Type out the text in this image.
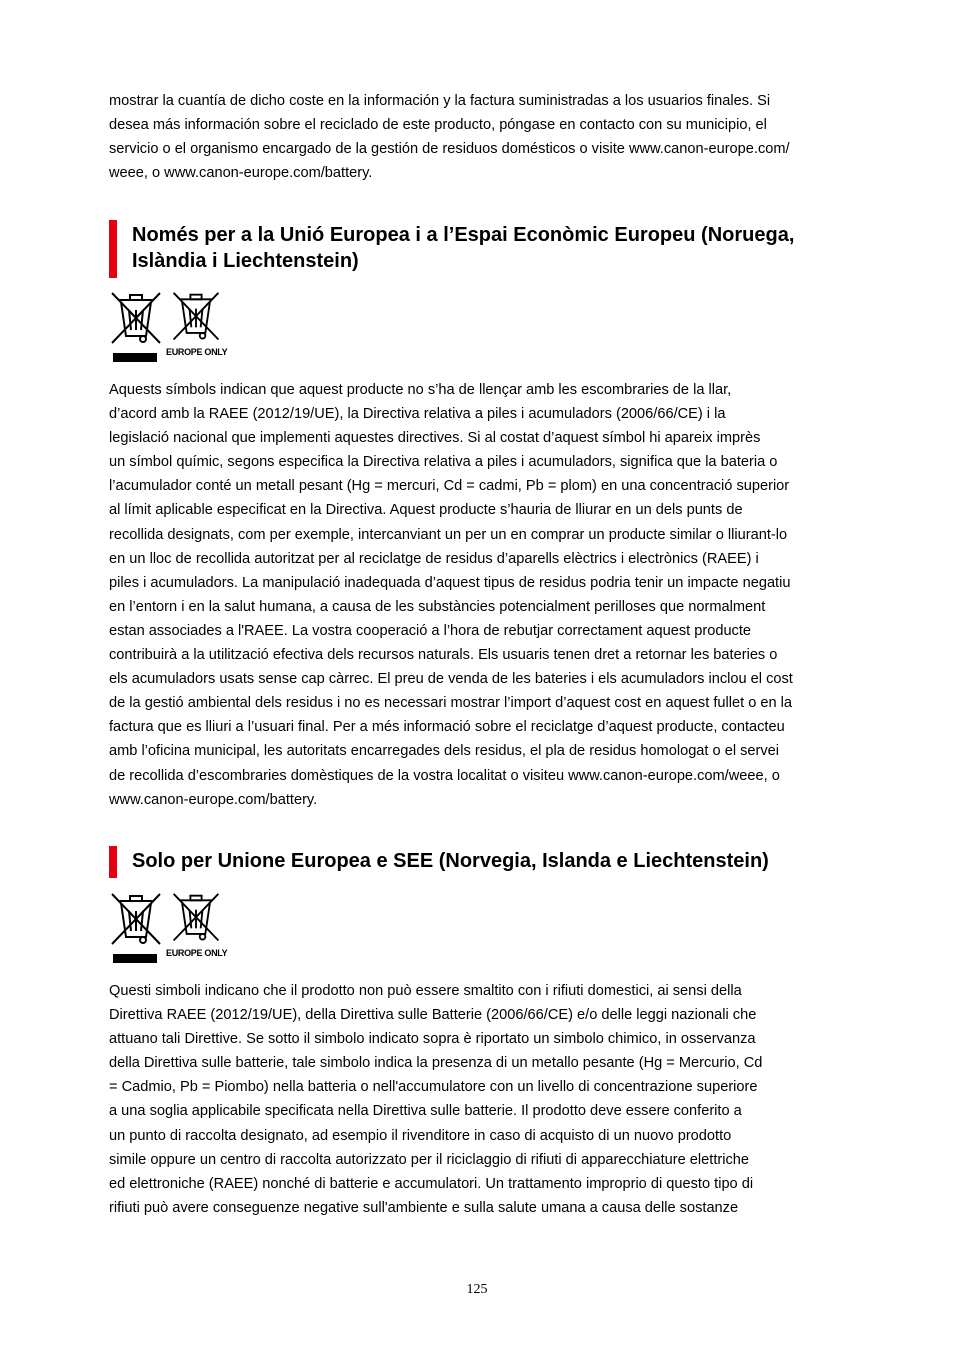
mostrar la cuantía de dicho coste en la información y la factura suministradas a los usuarios finales. Si
desea más información sobre el reciclado de este producto, póngase en contacto con su municipio, el
servicio o el organismo encargado de la gestión de residuos domésticos o visite www.canon-europe.com/
weee, o www.canon-europe.com/battery.
Només per a la Unió Europea i a l’Espai Econòmic Europeu (Noruega,
Islàndia i Liechtenstein)
EUROPE ONLY
Aquests símbols indican que aquest producte no s’ha de llençar amb les escombraries de la llar,
d’acord amb la RAEE (2012/19/UE), la Directiva relativa a piles i acumuladors (2006/66/CE) i la
legislació nacional que implementi aquestes directives. Si al costat d’aquest símbol hi apareix imprès
un símbol químic, segons especifica la Directiva relativa a piles i acumuladors, significa que la bateria o
l’acumulador conté un metall pesant (Hg = mercuri, Cd = cadmi, Pb = plom) en una concentració superior
al límit aplicable especificat en la Directiva. Aquest producte s’hauria de lliurar en un dels punts de
recollida designats, com per exemple, intercanviant un per un en comprar un producte similar o lliurant-lo
en un lloc de recollida autoritzat per al reciclatge de residus d’aparells elèctrics i electrònics (RAEE) i
piles i acumuladors. La manipulació inadequada d’aquest tipus de residus podria tenir un impacte negatiu
en l’entorn i en la salut humana, a causa de les substàncies potencialment perilloses que normalment
estan associades a l'RAEE. La vostra cooperació a l’hora de rebutjar correctament aquest producte
contribuirà a la utilització efectiva dels recursos naturals. Els usuaris tenen dret a retornar les bateries o
els acumuladors usats sense cap càrrec. El preu de venda de les bateries i els acumuladors inclou el cost
de la gestió ambiental dels residus i no es necessari mostrar l’import d’aquest cost en aquest fullet o en la
factura que es lliuri a l’usuari final. Per a més informació sobre el reciclatge d’aquest producte, contacteu
amb l’oficina municipal, les autoritats encarregades dels residus, el pla de residus homologat o el servei
de recollida d’escombraries domèstiques de la vostra localitat o visiteu www.canon-europe.com/weee, o
www.canon-europe.com/battery.
Solo per Unione Europea e SEE (Norvegia, Islanda e Liechtenstein)
EUROPE ONLY
Questi simboli indicano che il prodotto non può essere smaltito con i rifiuti domestici, ai sensi della
Direttiva RAEE (2012/19/UE), della Direttiva sulle Batterie (2006/66/CE) e/o delle leggi nazionali che
attuano tali Direttive. Se sotto il simbolo indicato sopra è riportato un simbolo chimico, in osservanza
della Direttiva sulle batterie, tale simbolo indica la presenza di un metallo pesante (Hg = Mercurio, Cd
= Cadmio, Pb = Piombo) nella batteria o nell'accumulatore con un livello di concentrazione superiore
a una soglia applicabile specificata nella Direttiva sulle batterie. Il prodotto deve essere conferito a
un punto di raccolta designato, ad esempio il rivenditore in caso di acquisto di un nuovo prodotto
simile oppure un centro di raccolta autorizzato per il riciclaggio di rifiuti di apparecchiature elettriche
ed elettroniche (RAEE) nonché di batterie e accumulatori. Un trattamento improprio di questo tipo di
rifiuti può avere conseguenze negative sull'ambiente e sulla salute umana a causa delle sostanze
125
